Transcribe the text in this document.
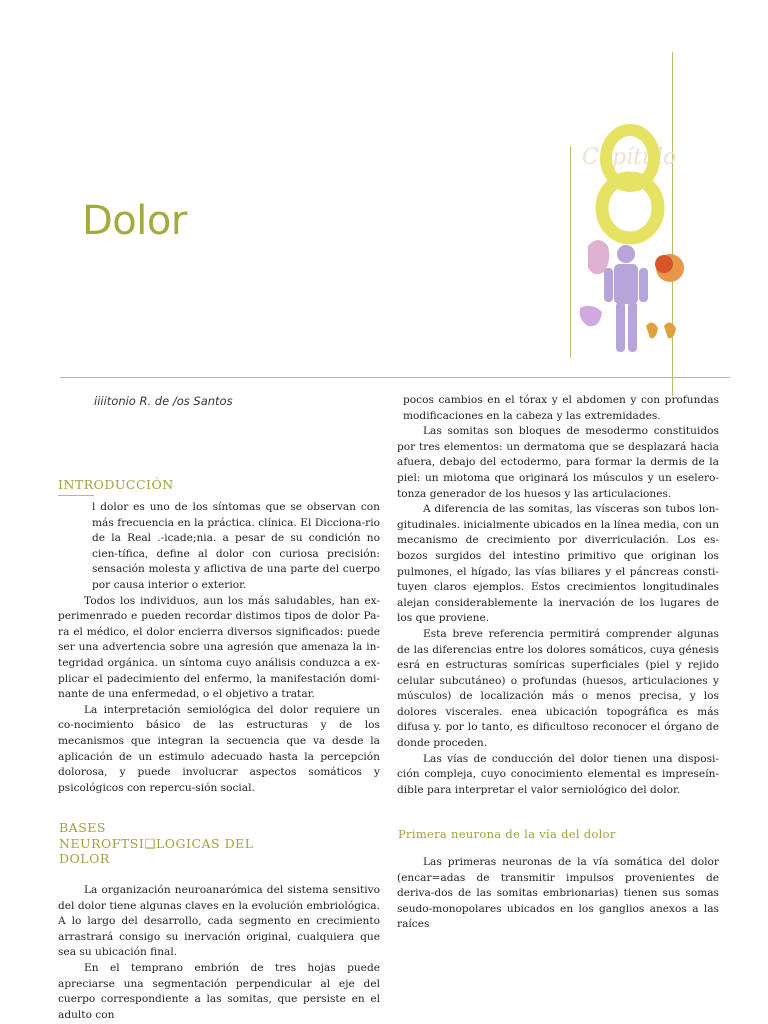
Dolor
Capítulo
iiiitonio R. de /os Santos
INTRODUCCIÓN

l dolor es uno de los síntomas que se observan con más frecuencia en la práctica. clínica. El Dicciona-rio de la Real .-icade;nia. a pesar de su condición no cien-tífica, define al dolor con curiosa precisión: sensación molesta y aflictiva de una parte del cuerpo por causa interior o exterior.

Todos los individuos, aun los más saludables, han ex-perimenrado e pueden recordar distimos tipos de dolor Pa-ra el médico, el dolor encierra diversos significados: puede ser una advertencia sobre una agresión que amenaza la in-tegridad orgánica. un síntoma cuyo análisis conduzca a ex-plicar el padecimiento del enfermo, la manifestación domi-nante de una enfermedad, o el objetivo a tratar.

La interpretación semiológica del dolor requiere un co-nocimiento básico de las estructuras y de los mecanismos que integran la secuencia que va desde la aplicación de un estimulo adecuado hasta la percepción dolorosa, y puede involucrar aspectos somáticos y psicológicos con repercu-sión social.

BASES
NEUROFTSI❏LOGICAS DEL
DOLOR

La organización neuroanarómica del sistema sensitivo del dolor tiene algunas claves en la evolución embriológica. A lo largo del desarrollo, cada segmento en crecimiento arrastrará consigo su inervación original, cualquiera que sea su ubicación final.

En el temprano embrión de tres hojas puede apreciarse una segmentación perpendicular al eje del cuerpo correspondiente a las somitas, que persiste en el adulto con

pocos cambios en el tórax y el abdomen y con profundas modificaciones en la cabeza y las extremidades.

Las somitas son bloques de mesodermo constituidos por tres elementos: un dermatoma que se desplazará hacia afuera, debajo del ectodermo, para formar la dermis de la piel: un miotoma que originará los músculos y un eselero-tonza generador de los huesos y las articulaciones.

A diferencia de las somitas, las vísceras son tubos lon-gitudinales. inicialmente ubicados en la línea media, con un mecanismo de crecimiento por diverriculación. Los es-bozos surgidos del intestino primitivo que originan los pulmones, el hígado, las vías biliares y el páncreas consti-tuyen claros ejemplos. Estos crecimientos longitudinales alejan considerablemente la inervación de los lugares de los que proviene.

Esta breve referencia permitirá comprender algunas de las diferencias entre los dolores somáticos, cuya génesis esrá en estructuras somíricas superficiales (piel y rejido celular subcutáneo) o profundas (huesos, articulaciones y músculos) de localización más o menos precisa, y los dolores viscerales. enea ubicación topográfica es más difusa y. por lo tanto, es dificultoso reconocer el órgano de donde proceden.

Las vías de conducción del dolor tienen una disposi-ción compleja, cuyo conocimiento elemental es impreseín-dible para interpretar el valor serniológico del dolor.

Primera neurona de la vía del dolor

Las primeras neuronas de la vía somática del dolor (encar=adas de transmitir impulsos provenientes de deriva-dos de las somitas embrionarias) tienen sus somas seudo-monopolares ubicados en los ganglios anexos a las raíces
